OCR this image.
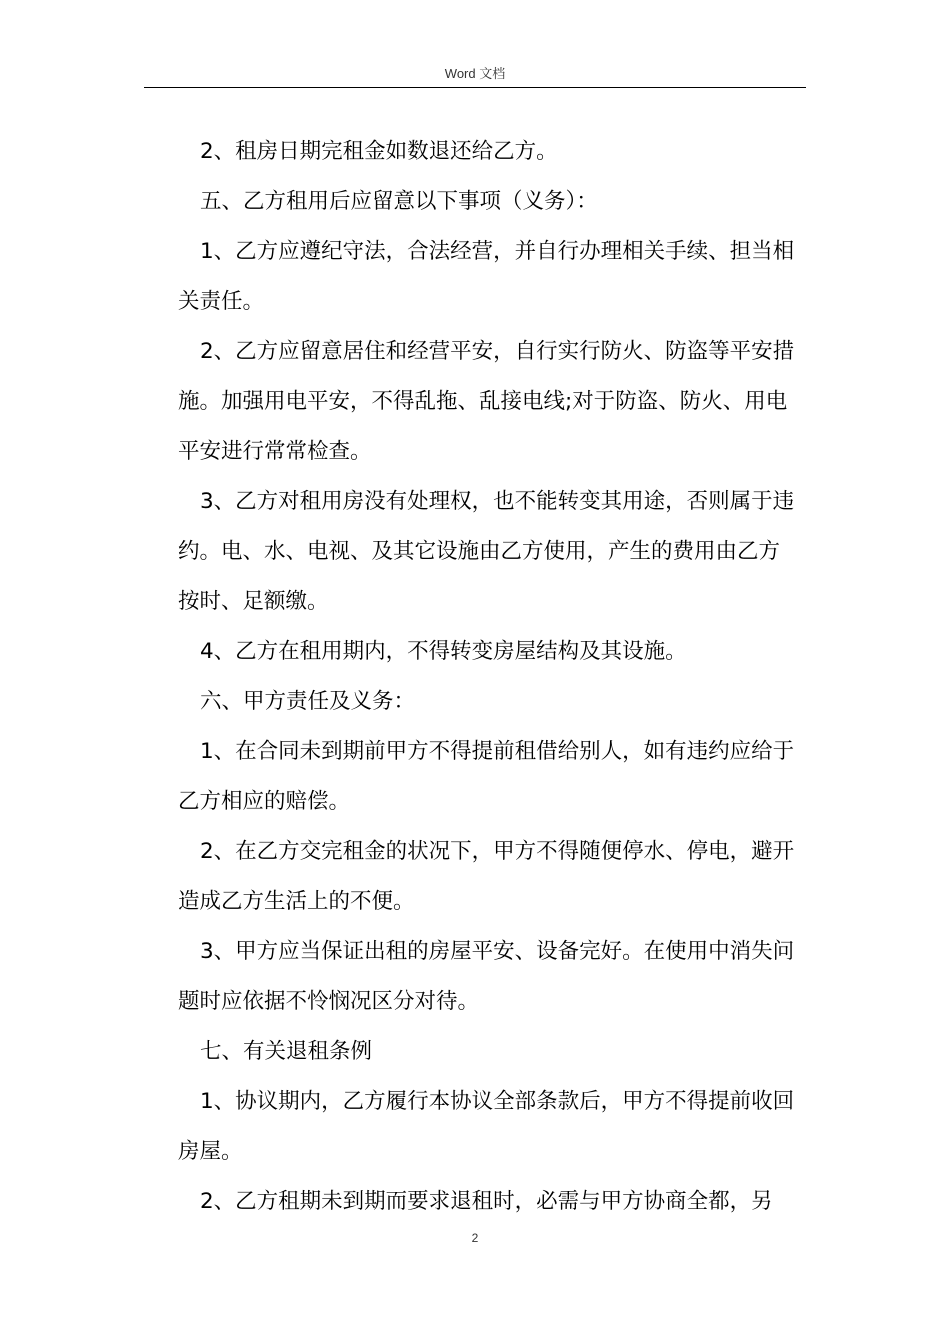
Word 文档

2、租房日期完租金如数退还给乙方。

五、乙方租用后应留意以下事项（义务）：

1、乙方应遵纪守法，合法经营，并自行办理相关手续、担当相关责任。

2、乙方应留意居住和经营平安，自行实行防火、防盗等平安措施。加强用电平安，不得乱拖、乱接电线;对于防盗、防火、用电平安进行常常检查。

3、乙方对租用房没有处理权，也不能转变其用途，否则属于违约。电、水、电视、及其它设施由乙方使用，产生的费用由乙方按时、足额缴。

4、乙方在租用期内，不得转变房屋结构及其设施。

六、甲方责任及义务：

1、在合同未到期前甲方不得提前租借给别人，如有违约应给于乙方相应的赔偿。

2、在乙方交完租金的状况下，甲方不得随便停水、停电，避开造成乙方生活上的不便。

3、甲方应当保证出租的房屋平安、设备完好。在使用中消失问题时应依据不怜悯况区分对待。

七、有关退租条例

1、协议期内，乙方履行本协议全部条款后，甲方不得提前收回房屋。

2、乙方租期未到期而要求退租时，必需与甲方协商全都，另

2
